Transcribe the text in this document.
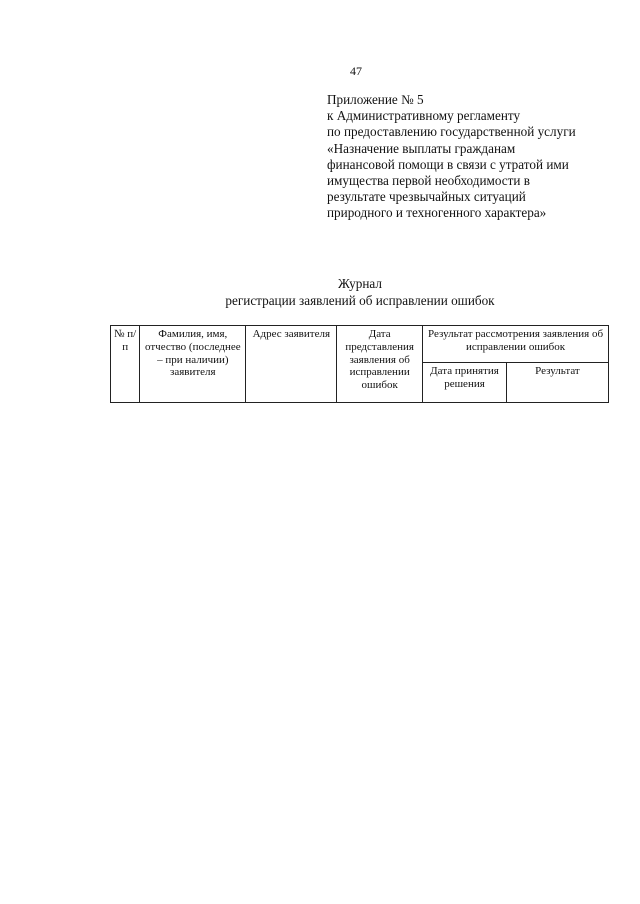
47
Приложение № 5
к Административному регламенту
по предоставлению государственной услуги
«Назначение выплаты гражданам
финансовой помощи в связи с утратой ими
имущества первой необходимости в
результате чрезвычайных ситуаций
природного и техногенного характера»
Журнал
регистрации заявлений об исправлении ошибок
№ п/п	Фамилия, имя, отчество (последнее – при наличии) заявителя	Адрес заявителя	Дата представления заявления об исправлении ошибок	Результат рассмотрения заявления об исправлении ошибок	

				Дата принятия решения	Результат
